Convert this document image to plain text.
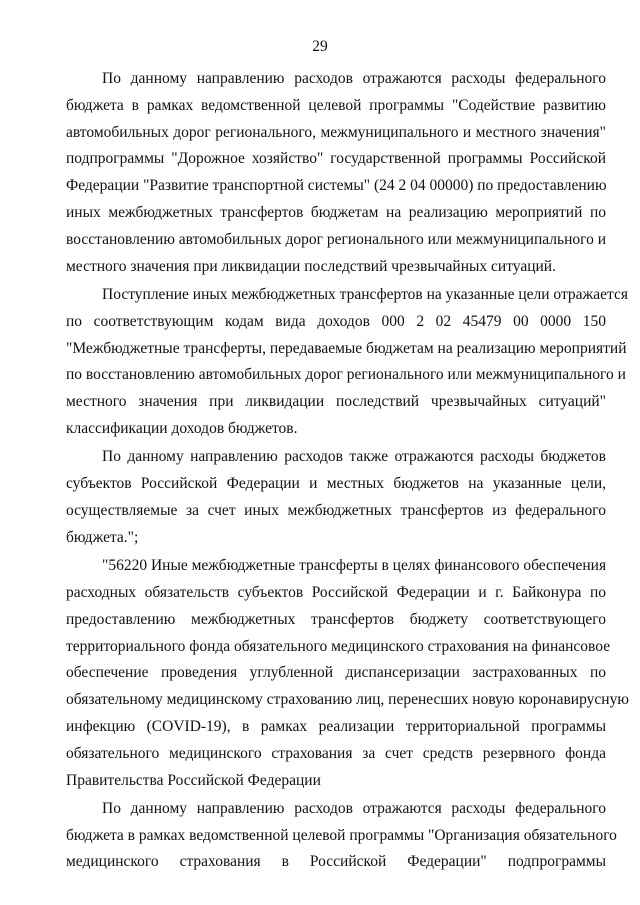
29
По данному направлению расходов отражаются расходы федерального
бюджета в рамках ведомственной целевой программы "Содействие развитию
автомобильных дорог регионального, межмуниципального и местного значения"
подпрограммы "Дорожное хозяйство" государственной программы Российской
Федерации "Развитие транспортной системы" (24 2 04 00000) по предоставлению
иных межбюджетных трансфертов бюджетам на реализацию мероприятий по
восстановлению автомобильных дорог регионального или межмуниципального и
местного значения при ликвидации последствий чрезвычайных ситуаций.
Поступление иных межбюджетных трансфертов на указанные цели отражается
по соответствующим кодам вида доходов 000 2 02 45479 00 0000 150
"Межбюджетные трансферты, передаваемые бюджетам на реализацию мероприятий
по восстановлению автомобильных дорог регионального или межмуниципального и
местного значения при ликвидации последствий чрезвычайных ситуаций"
классификации доходов бюджетов.
По данному направлению расходов также отражаются расходы бюджетов
субъектов Российской Федерации и местных бюджетов на указанные цели,
осуществляемые за счет иных межбюджетных трансфертов из федерального
бюджета.";
"56220 Иные межбюджетные трансферты в целях финансового обеспечения
расходных обязательств субъектов Российской Федерации и г. Байконура по
предоставлению межбюджетных трансфертов бюджету соответствующего
территориального фонда обязательного медицинского страхования на финансовое
обеспечение проведения углубленной диспансеризации застрахованных по
обязательному медицинскому страхованию лиц, перенесших новую коронавирусную
инфекцию (COVID-19), в рамках реализации территориальной программы
обязательного медицинского страхования за счет средств резервного фонда
Правительства Российской Федерации
По данному направлению расходов отражаются расходы федерального
бюджета в рамках ведомственной целевой программы "Организация обязательного
медицинского страхования в Российской Федерации" подпрограммы
